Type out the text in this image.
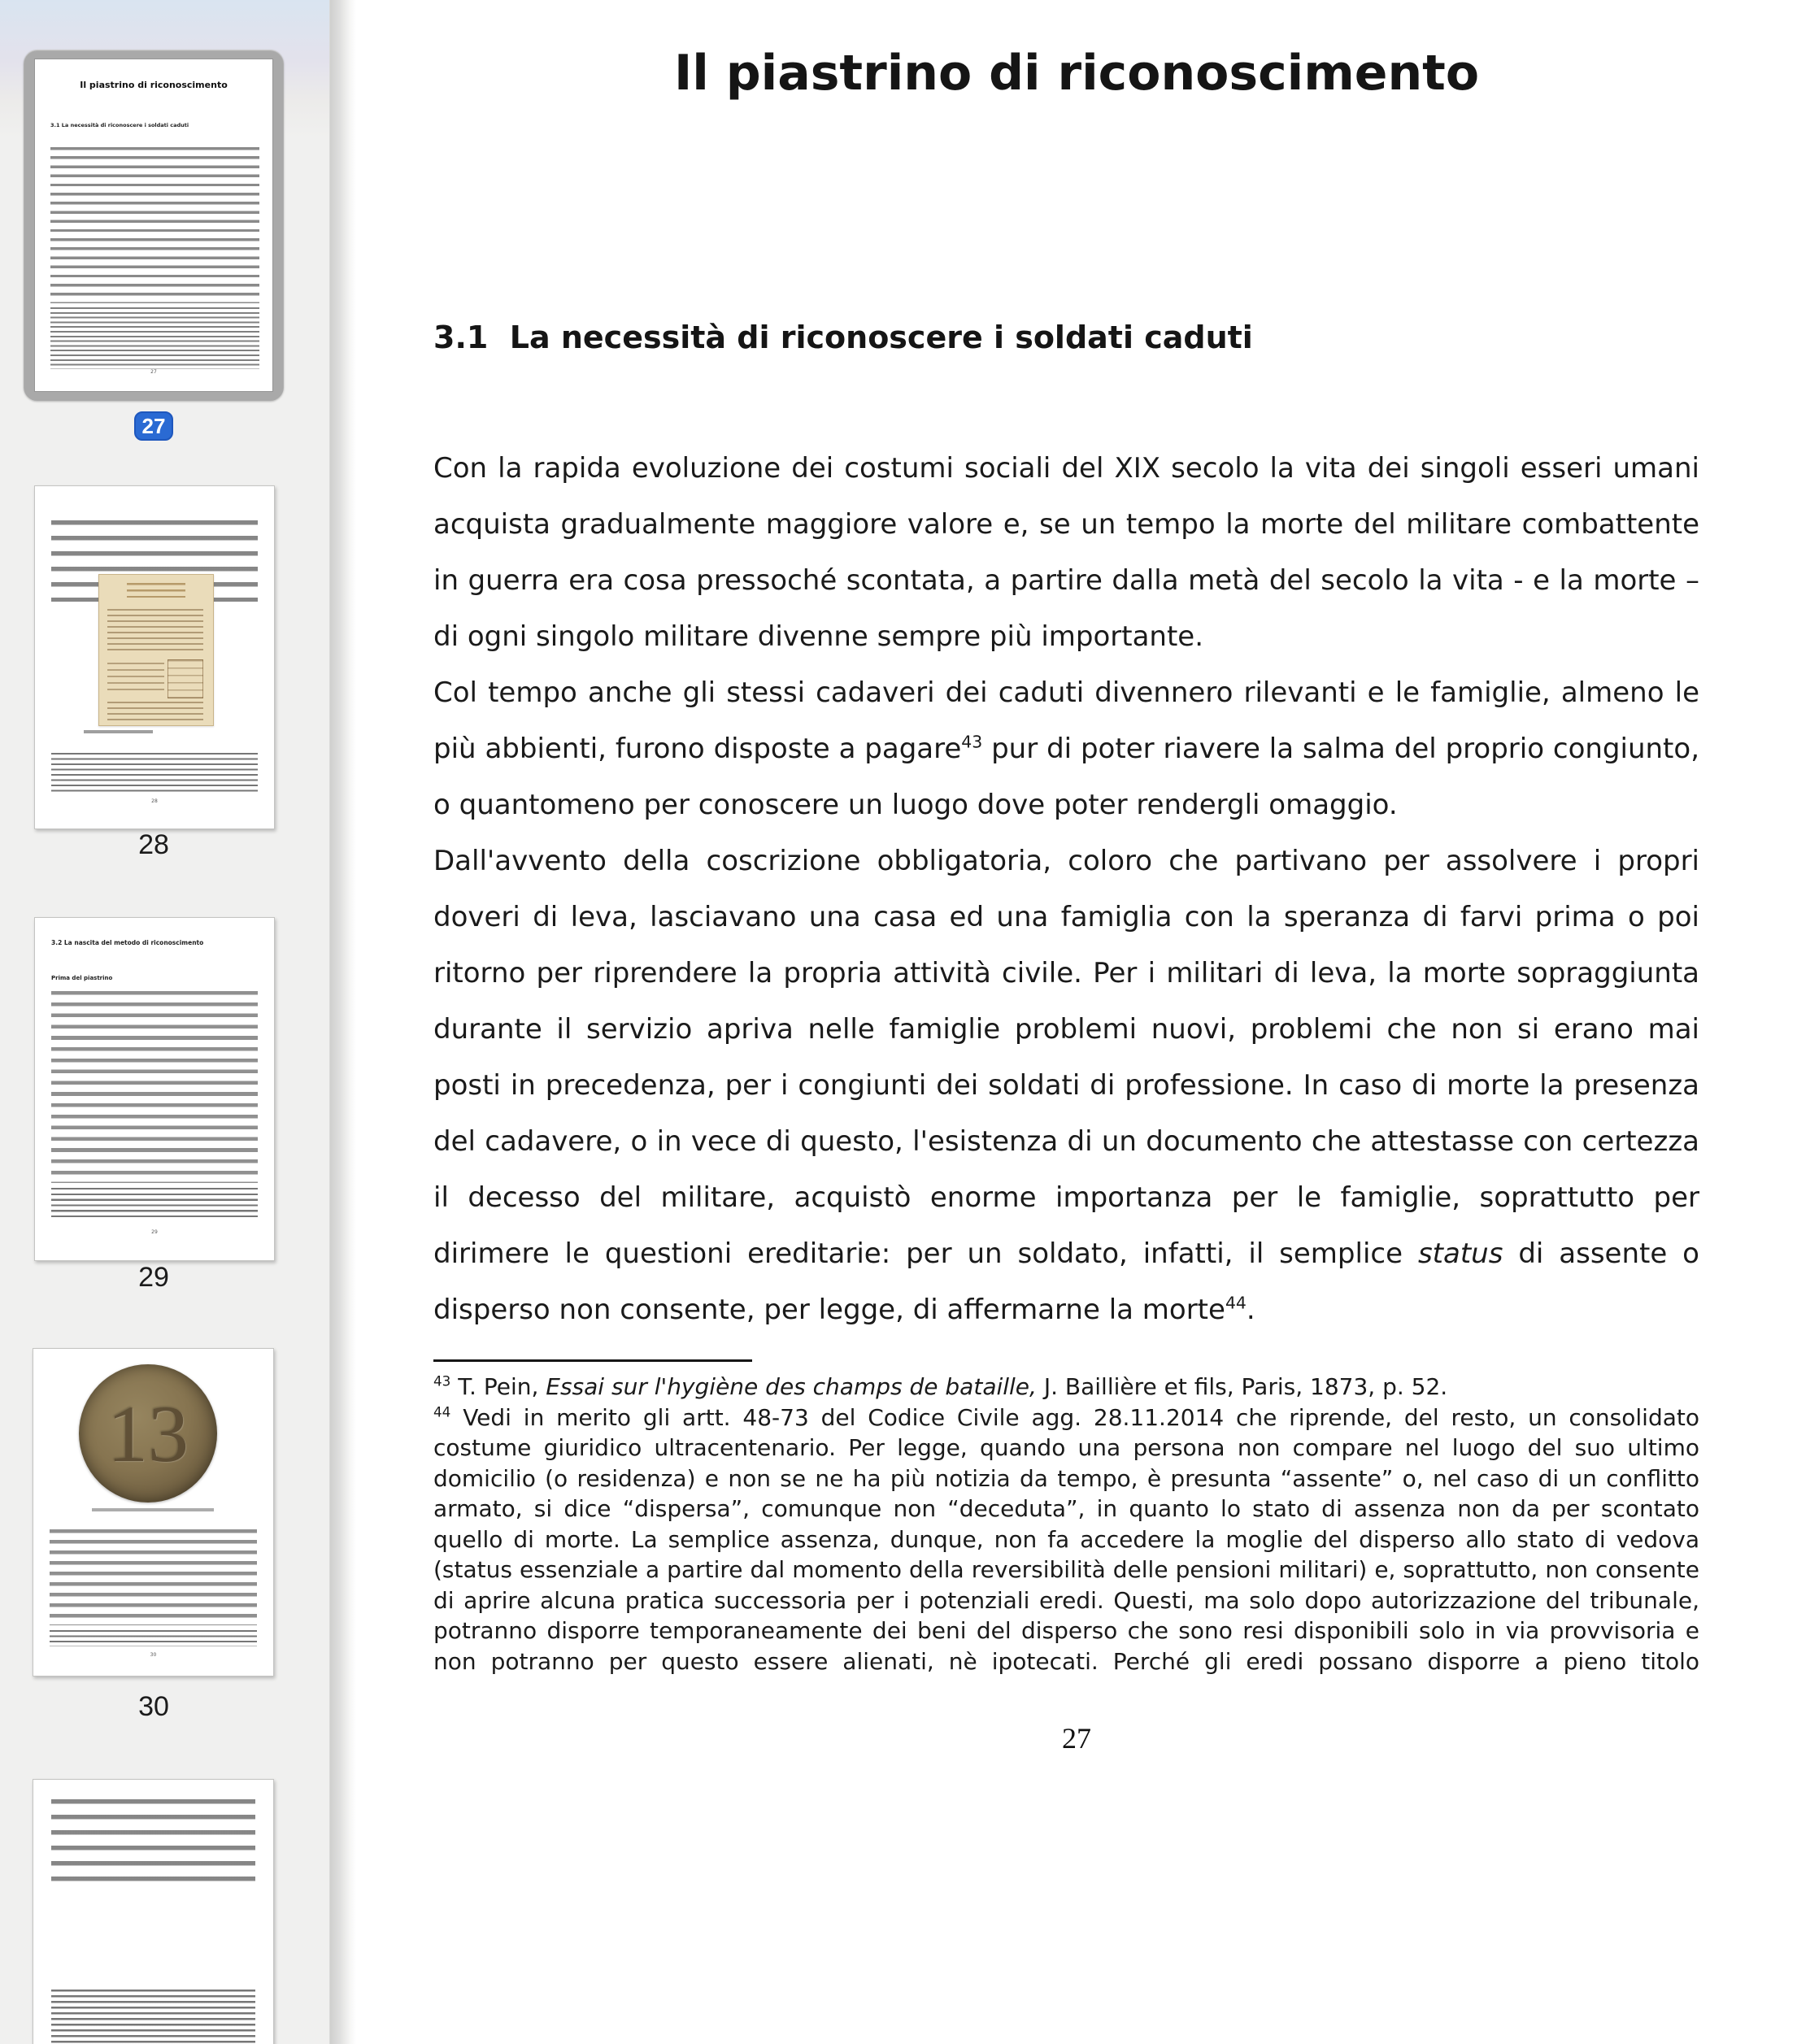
Il piastrino di riconoscimento
3.1 La necessità di riconoscere i soldati caduti
27
27
28
28
3.2 La nascita del metodo di riconoscimento
Prima del piastrino
29
29
13
30
30
Il piastrino di riconoscimento
3.1  La necessità di riconoscere i soldati caduti

Con la rapida evoluzione dei costumi sociali del XIX secolo la vita dei singoli esseri umani acquista gradualmente maggiore valore e, se un tempo la morte del militare combattente in guerra era cosa pressoché scontata, a partire dalla metà del secolo la vita - e la morte – di ogni singolo militare divenne sempre più importante.

Col tempo anche gli stessi cadaveri dei caduti divennero rilevanti e le famiglie, almeno le più abbienti, furono disposte a pagare$^{43}$ pur di poter riavere la salma del proprio congiunto, o quantomeno per conoscere un luogo dove poter rendergli omaggio.

Dall'avvento della coscrizione obbligatoria, coloro che partivano per assolvere i propri doveri di leva, lasciavano una casa ed una famiglia con la speranza di farvi prima o poi ritorno per riprendere la propria attività civile. Per i militari di leva, la morte sopraggiunta durante il servizio apriva nelle famiglie problemi nuovi, problemi che non si erano mai posti in precedenza, per i congiunti dei soldati di professione. In caso di morte la presenza del cadavere, o in vece di questo, l'esistenza di un documento che attestasse con certezza il decesso del militare, acquistò enorme importanza per le famiglie, soprattutto per dirimere le questioni ereditarie: per un soldato, infatti, il semplice status di assente o disperso non consente, per legge, di affermarne la morte$^{44}$.

$^{43}$ T. Pein, Essai sur l'hygiène des champs de bataille, J. Baillière et fils, Paris, 1873, p. 52.

$^{44}$ Vedi in merito gli artt. 48-73 del Codice Civile agg. 28.11.2014 che riprende, del resto, un consolidato costume giuridico ultracentenario. Per legge, quando una persona non compare nel luogo del suo ultimo domicilio (o residenza) e non se ne ha più notizia da tempo, è presunta “assente” o, nel caso di un conflitto armato, si dice “dispersa”, comunque non “deceduta”, in quanto lo stato di assenza non da per scontato quello di morte. La semplice assenza, dunque, non fa accedere la moglie del disperso allo stato di vedova (status essenziale a partire dal momento della reversibilità delle pensioni militari) e, soprattutto, non consente di aprire alcuna pratica successoria per i potenziali eredi. Questi, ma solo dopo autorizzazione del tribunale, potranno disporre temporaneamente dei beni del disperso che sono resi disponibili solo in via provvisoria e non potranno per questo essere alienati, nè ipotecati. Perché gli eredi possano disporre a pieno titolo

27
